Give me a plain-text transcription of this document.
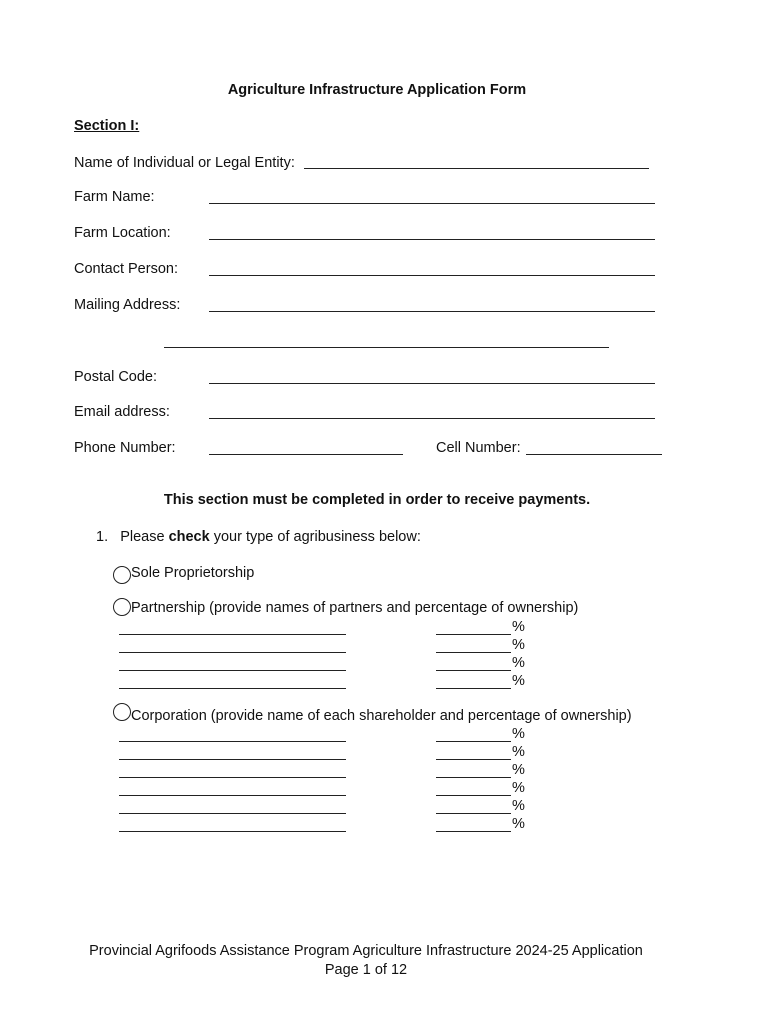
Agriculture Infrastructure Application Form
Section I:
Name of Individual or Legal Entity:
Farm Name:
Farm Location:
Contact Person:
Mailing Address:
Postal Code:
Email address:
Phone Number:	Cell Number:
This section must be completed in order to receive payments.
1. Please check your type of agribusiness below:
Sole Proprietorship
Partnership (provide names of partners and percentage of ownership)
%
%
%
%
Corporation (provide name of each shareholder and percentage of ownership)
%
%
%
%
%
%
Provincial Agrifoods Assistance Program Agriculture Infrastructure 2024-25 Application
Page 1 of 12
